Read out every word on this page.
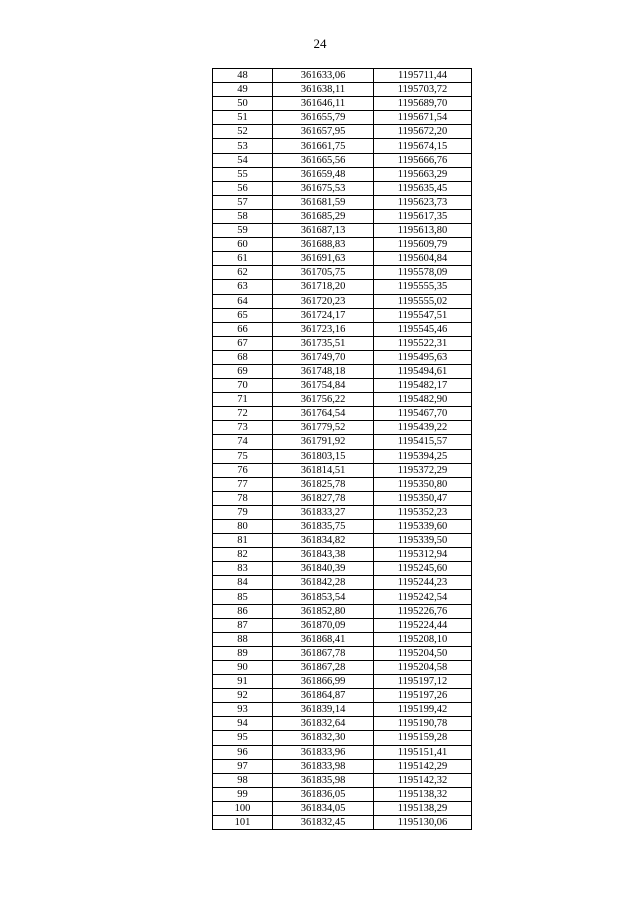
24
48	361633,06	1195711,44
49	361638,11	1195703,72
50	361646,11	1195689,70
51	361655,79	1195671,54
52	361657,95	1195672,20
53	361661,75	1195674,15
54	361665,56	1195666,76
55	361659,48	1195663,29
56	361675,53	1195635,45
57	361681,59	1195623,73
58	361685,29	1195617,35
59	361687,13	1195613,80
60	361688,83	1195609,79
61	361691,63	1195604,84
62	361705,75	1195578,09
63	361718,20	1195555,35
64	361720,23	1195555,02
65	361724,17	1195547,51
66	361723,16	1195545,46
67	361735,51	1195522,31
68	361749,70	1195495,63
69	361748,18	1195494,61
70	361754,84	1195482,17
71	361756,22	1195482,90
72	361764,54	1195467,70
73	361779,52	1195439,22
74	361791,92	1195415,57
75	361803,15	1195394,25
76	361814,51	1195372,29
77	361825,78	1195350,80
78	361827,78	1195350,47
79	361833,27	1195352,23
80	361835,75	1195339,60
81	361834,82	1195339,50
82	361843,38	1195312,94
83	361840,39	1195245,60
84	361842,28	1195244,23
85	361853,54	1195242,54
86	361852,80	1195226,76
87	361870,09	1195224,44
88	361868,41	1195208,10
89	361867,78	1195204,50
90	361867,28	1195204,58
91	361866,99	1195197,12
92	361864,87	1195197,26
93	361839,14	1195199,42
94	361832,64	1195190,78
95	361832,30	1195159,28
96	361833,96	1195151,41
97	361833,98	1195142,29
98	361835,98	1195142,32
99	361836,05	1195138,32
100	361834,05	1195138,29
101	361832,45	1195130,06
